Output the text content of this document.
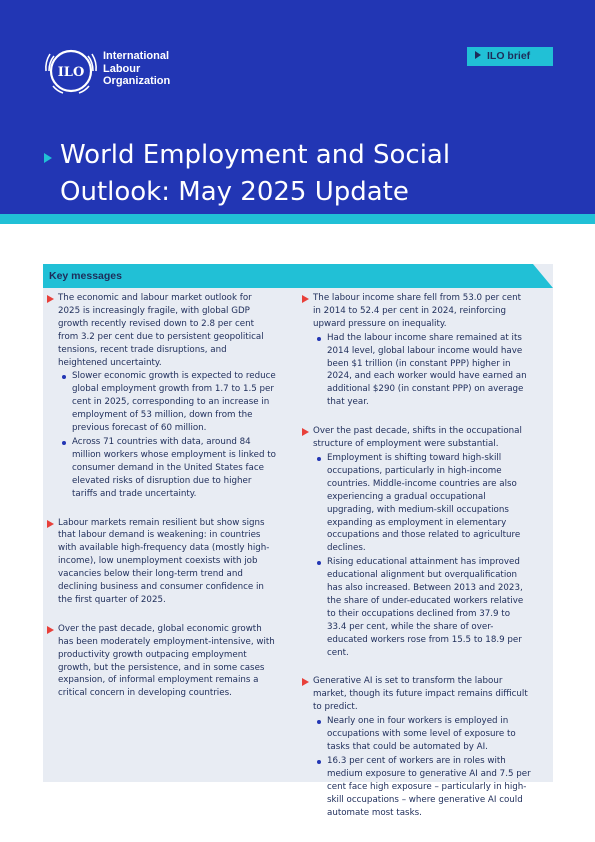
ILO
International
Labour
Organization
ILO brief
World Employment and Social
Outlook: May 2025 Update
Key messages

The economic and labour market outlook for 2025 is increasingly fragile, with global GDP growth recently revised down to 2.8 per cent from 3.2 per cent due to persistent geopolitical tensions, recent trade disruptions, and heightened uncertainty.

Slower economic growth is expected to reduce global employment growth from 1.7 to 1.5 per cent in 2025, corresponding to an increase in employment of 53 million, down from the previous forecast of 60 million.

Across 71 countries with data, around 84 million workers whose employment is linked to consumer demand in the United States face elevated risks of disruption due to higher tariffs and trade uncertainty.

Labour markets remain resilient but show signs that labour demand is weakening: in countries with available high-frequency data (mostly high-income), low unemployment coexists with job vacancies below their long-term trend and declining business and consumer confidence in the first quarter of 2025.

Over the past decade, global economic growth has been moderately employment-intensive, with productivity growth outpacing employment growth, but the persistence, and in some cases expansion, of informal employment remains a critical concern in developing countries.

The labour income share fell from 53.0 per cent in 2014 to 52.4 per cent in 2024, reinforcing upward pressure on inequality.

Had the labour income share remained at its 2014 level, global labour income would have been $1 trillion (in constant PPP) higher in 2024, and each worker would have earned an additional $290 (in constant PPP) on average that year.

Over the past decade, shifts in the occupational structure of employment were substantial.

Employment is shifting toward high-skill occupations, particularly in high-income countries. Middle-income countries are also experiencing a gradual occupational upgrading, with medium-skill occupations expanding as employment in elementary occupations and those related to agriculture declines.

Rising educational attainment has improved educational alignment but overqualification has also increased. Between 2013 and 2023, the share of under-educated workers relative to their occupations declined from 37.9 to 33.4 per cent, while the share of over-educated workers rose from 15.5 to 18.9 per cent.

Generative AI is set to transform the labour market, though its future impact remains difficult to predict.

Nearly one in four workers is employed in occupations with some level of exposure to tasks that could be automated by AI.

16.3 per cent of workers are in roles with medium exposure to generative AI and 7.5 per cent face high exposure – particularly in high-skill occupations – where generative AI could automate most tasks.
